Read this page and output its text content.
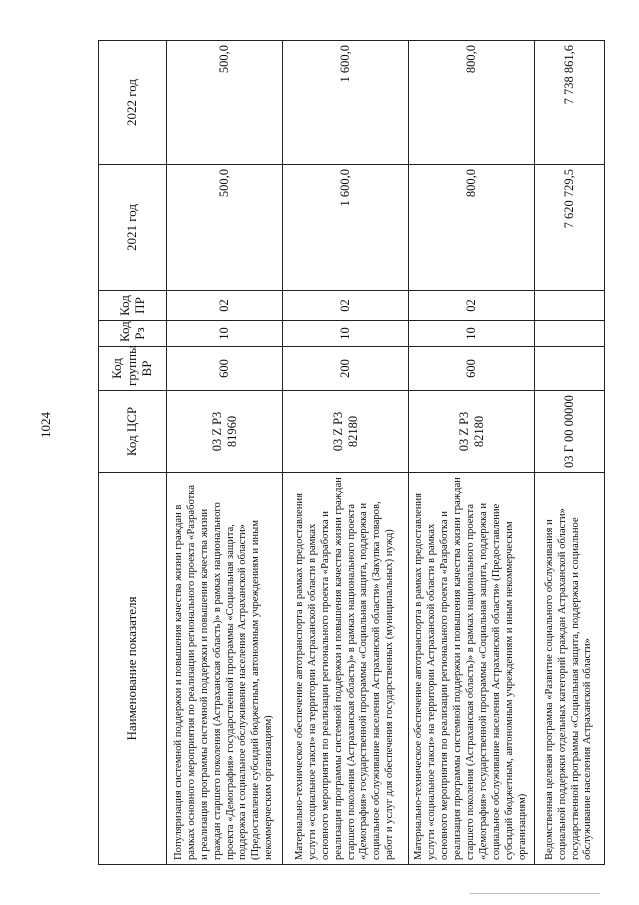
1024
Наименование показателя	Код ЦСР	Код группы ВР	Код Рз	Код ПР	2021 год	2022 год
Популяризация системной поддержки и повышения качества жизни граждан в рамках основного мероприятия по реализации регионального проекта «Разработка и реализация программы системной поддержки и повышения качества жизни граждан старшего поколения (Астраханская область)» в рамках национального проекта «Демография» государственной программы «Социальная защита, поддержка и социальное обслуживание населения Астраханской области» (Предоставление субсидий бюджетным, автономным учреждениям и иным некоммерческим организациям)	03 Z P3 81960	600	10	02	500,0	500,0
Материально-техническое обеспечение автотранспорта в рамках предоставления услуги «социальное такси» на территории Астраханской области в рамках основного мероприятия по реализации регионального проекта «Разработка и реализация программы системной поддержки и повышения качества жизни граждан старшего поколения (Астраханская область)» в рамках национального проекта «Демография» государственной программы «Социальная защита, поддержка и социальное обслуживание населения Астраханской области» (Закупка товаров, работ и услуг для обеспечения государственных (муниципальных) нужд)	03 Z P3 82180	200	10	02	1 600,0	1 600,0
Материально-техническое обеспечение автотранспорта в рамках предоставления услуги «социальное такси» на территории Астраханской области в рамках основного мероприятия по реализации регионального проекта «Разработка и реализация программы системной поддержки и повышения качества жизни граждан старшего поколения (Астраханская область)» в рамках национального проекта «Демография» государственной программы «Социальная защита, поддержка и социальное обслуживание населения Астраханской области» (Предоставление субсидий бюджетным, автономным учреждениям и иным некоммерческим организациям)	03 Z P3 82180	600	10	02	800,0	800,0
Ведомственная целевая программа «Развитие социального обслуживания и социальной поддержки отдельных категорий граждан Астраханской области» государственной программы «Социальная защита, поддержка и социальное обслуживание населения Астраханской области»	03 Г 00 00000				7 620 729,5	7 738 861,6
